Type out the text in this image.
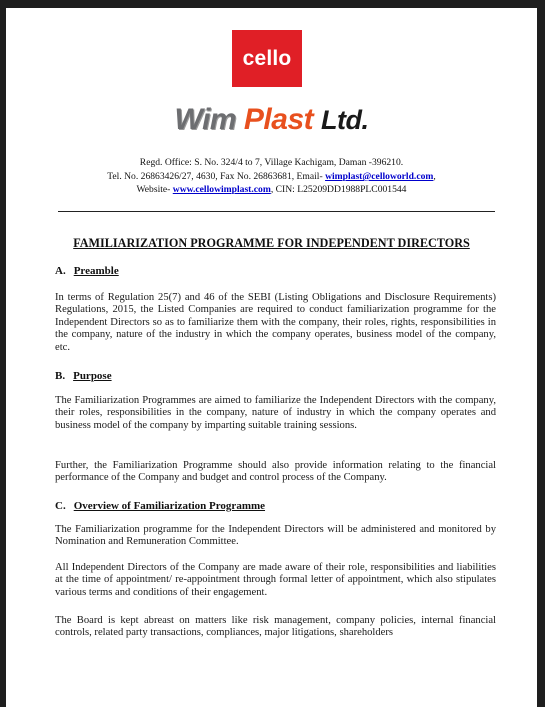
cello
Wim Plast Ltd.
Regd. Office: S. No. 324/4 to 7, Village Kachigam, Daman -396210.
Tel. No. 26863426/27, 4630, Fax No. 26863681, Email- wimplast@celloworld.com,
Website- www.cellowimplast.com, CIN: L25209DD1988PLC001544
FAMILIARIZATION PROGRAMME FOR INDEPENDENT DIRECTORS
A. Preamble
In terms of Regulation 25(7) and 46 of the SEBI (Listing Obligations and Disclosure Requirements) Regulations, 2015, the Listed Companies are required to conduct familiarization programme for the Independent Directors so as to familiarize them with the company, their roles, rights, responsibilities in the company, nature of the industry in which the company operates, business model of the company, etc.
B. Purpose
The Familiarization Programmes are aimed to familiarize the Independent Directors with the company, their roles, responsibilities in the company, nature of industry in which the company operates and business model of the company by imparting suitable training sessions.
Further, the Familiarization Programme should also provide information relating to the financial performance of the Company and budget and control process of the Company.
C. Overview of Familiarization Programme
The Familiarization programme for the Independent Directors will be administered and monitored by Nomination and Remuneration Committee.
All Independent Directors of the Company are made aware of their role, responsibilities and liabilities at the time of appointment/ re-appointment through formal letter of appointment, which also stipulates various terms and conditions of their engagement.
The Board is kept abreast on matters like risk management, company policies, internal financial controls, related party transactions, compliances, major litigations, shareholders
